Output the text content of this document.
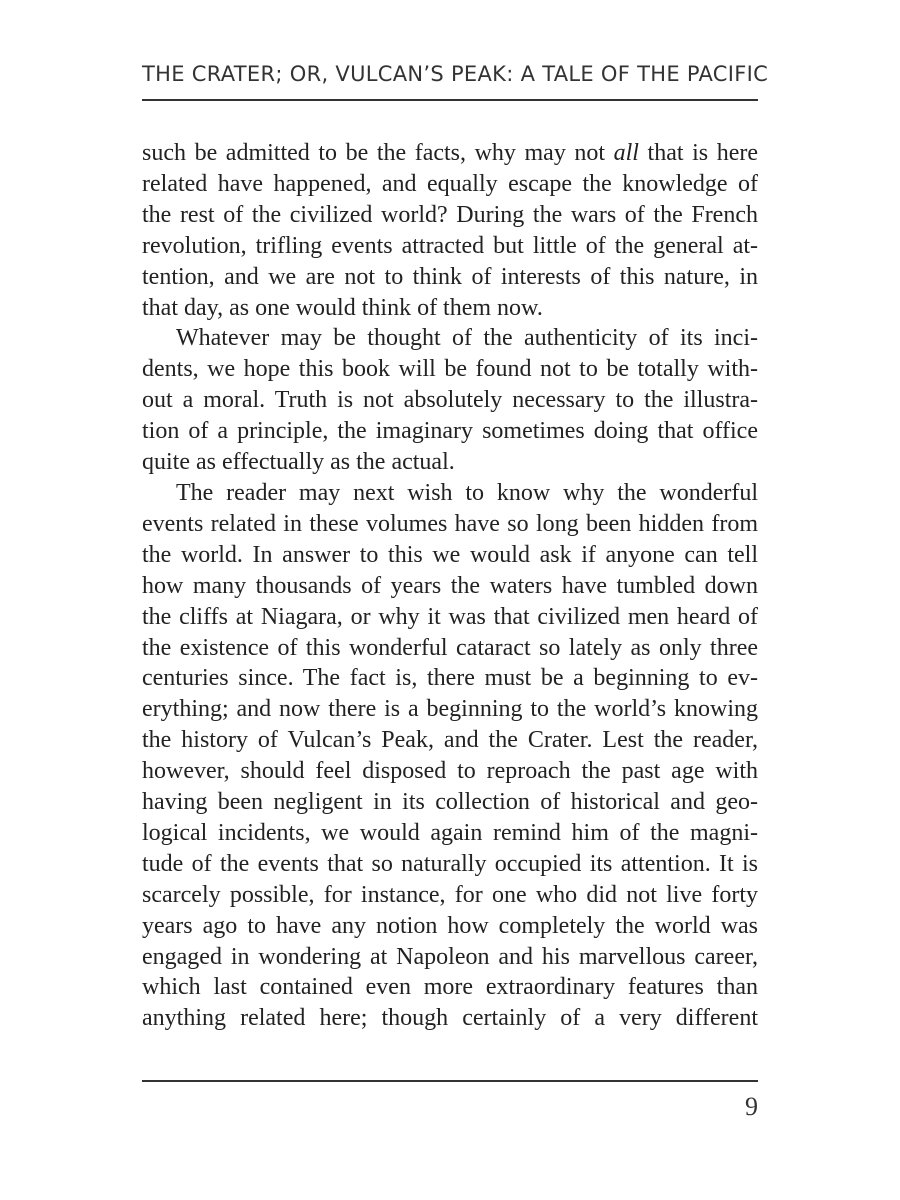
THE CRATER; OR, VULCAN’S PEAK: A TALE OF THE PACIFIC

such be admitted to be the facts, why may not all that is here
related have happened, and equally escape the knowledge of
the rest of the civilized world? During the wars of the French
revolution, trifling events attracted but little of the general at-
tention, and we are not to think of interests of this nature, in
that day, as one would think of them now.

Whatever may be thought of the authenticity of its inci-
dents, we hope this book will be found not to be totally with-
out a moral. Truth is not absolutely necessary to the illustra-
tion of a principle, the imaginary sometimes doing that office
quite as effectually as the actual.

The reader may next wish to know why the wonderful
events related in these volumes have so long been hidden from
the world. In answer to this we would ask if anyone can tell
how many thousands of years the waters have tumbled down
the cliffs at Niagara, or why it was that civilized men heard of
the existence of this wonderful cataract so lately as only three
centuries since. The fact is, there must be a beginning to ev-
erything; and now there is a beginning to the world’s knowing
the history of Vulcan’s Peak, and the Crater. Lest the reader,
however, should feel disposed to reproach the past age with
having been negligent in its collection of historical and geo-
logical incidents, we would again remind him of the magni-
tude of the events that so naturally occupied its attention. It is
scarcely possible, for instance, for one who did not live forty
years ago to have any notion how completely the world was
engaged in wondering at Napoleon and his marvellous career,
which last contained even more extraordinary features than
anything related here; though certainly of a very different

9
